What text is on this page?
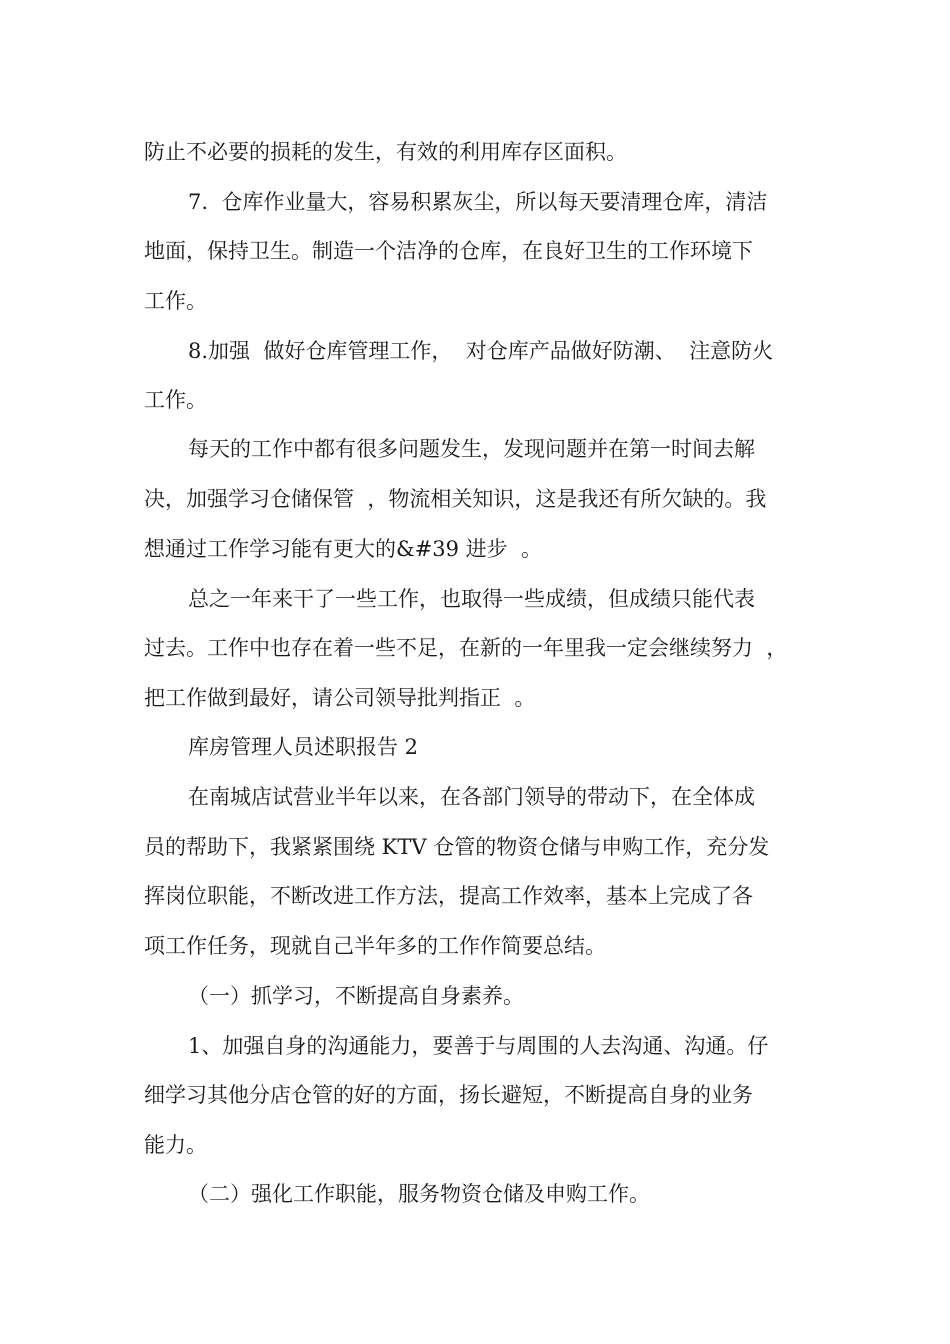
防止不必要的损耗的发生，有效的利用库存区面积。

7.  仓库作业量大，容易积累灰尘，所以每天要清理仓库，清洁

地面，保持卫生。制造一个洁净的仓库，在良好卫生的工作环境下

工作。

8.加强  做好仓库管理工作，  对仓库产品做好防潮、  注意防火

工作。

每天的工作中都有很多问题发生，发现问题并在第一时间去解

决，加强学习仓储保管  ，物流相关知识，这是我还有所欠缺的。我

想通过工作学习能有更大的&#39 进步  。

总之一年来干了一些工作，也取得一些成绩，但成绩只能代表

过去。工作中也存在着一些不足，在新的一年里我一定会继续努力  ，

把工作做到最好，请公司领导批判指正  。

库房管理人员述职报告 2

在南城店试营业半年以来，在各部门领导的带动下，在全体成

员的帮助下，我紧紧围绕 KTV 仓管的物资仓储与申购工作，充分发

挥岗位职能，不断改进工作方法，提高工作效率，基本上完成了各

项工作任务，现就自己半年多的工作作简要总结。

（一）抓学习，不断提高自身素养。

1、加强自身的沟通能力，要善于与周围的人去沟通、沟通。仔

细学习其他分店仓管的好的方面，扬长避短，不断提高自身的业务

能力。

（二）强化工作职能，服务物资仓储及申购工作。
